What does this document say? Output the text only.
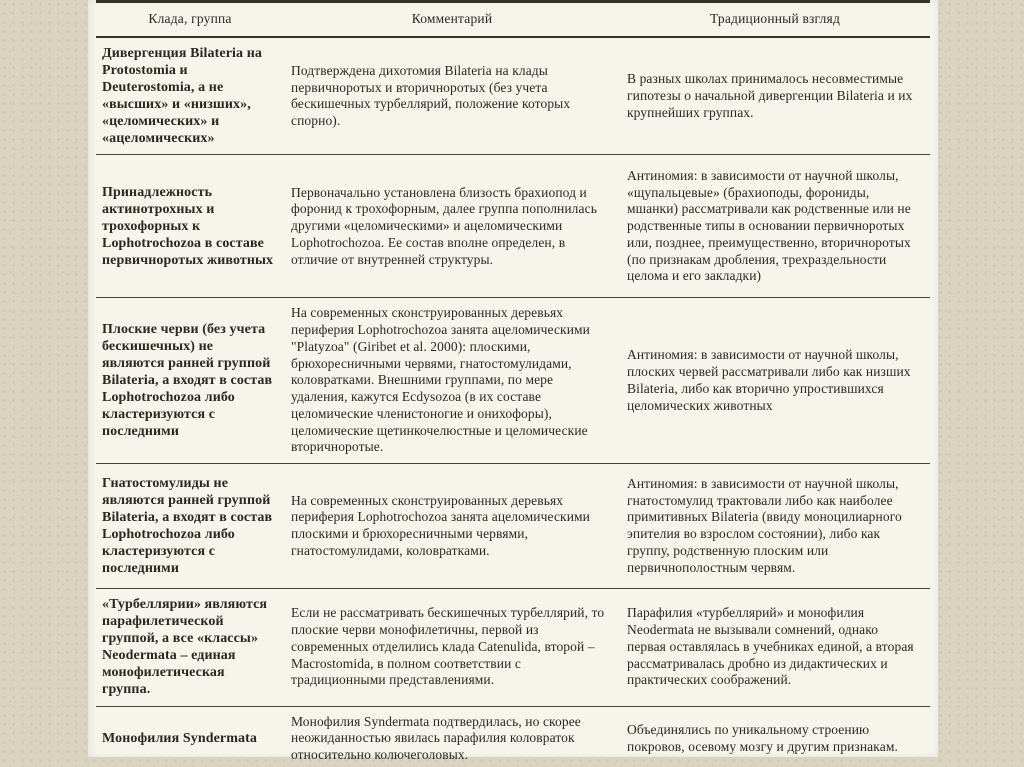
Клада, группа	Комментарий	Традиционный взгляд
Дивергенция Bilateria на Protostomia и Deuterostomia, а не «высших» и «низших», «целомических» и «ацеломических»	Подтверждена дихотомия Bilateria на клады первичноротых и вторичноротых (без учета бескишечных турбеллярий, положение которых спорно).	В разных школах принималось несовместимые гипотезы о начальной дивергенции Bilateria и их крупнейших группах.
Принадлежность актинотрохных и трохофорных к Lophotrochozoa в составе первичноротых животных	Первоначально установлена близость брахиопод и форонид к трохофорным, далее группа пополнилась другими «целомическими» и ацеломическими Lophotrochozoa. Ее состав вполне определен, в отличие от внутренней структуры.	Антиномия: в зависимости от научной школы, «щупальцевые» (брахиоподы, форониды, мшанки) рассматривали как родственные или не родственные типы в основании первичноротых или, позднее, преимущественно, вторичноротых (по признакам дробления, трехраздельности целома и его закладки)
Плоские черви (без учета бескишечных) не являются ранней группой Bilateria, а входят в состав Lophotrochozoa либо кластеризуются с последними	На современных сконструированных деревьях периферия Lophotrochozoa занята ацеломическими "Platyzoa" (Giribet et al. 2000): плоскими, брюхоресничными червями, гнатостомулидами, коловратками. Внешними группами, по мере удаления, кажутся Ecdysozoa (в их составе целомические членистоногие и онихофоры), целомические щетинкочелюстные и целомические вторичноротые.	Антиномия: в зависимости от научной школы, плоских червей рассматривали либо как низших Bilateria, либо как вторично упростившихся целомических животных
Гнатостомулиды не являются ранней группой Bilateria, а входят в состав Lophotrochozoa либо кластеризуются с последними	На современных сконструированных деревьях периферия Lophotrochozoa занята ацеломическими плоскими и брюхоресничными червями, гнатостомулидами, коловратками.	Антиномия: в зависимости от научной школы, гнатостомулид трактовали либо как наиболее примитивных Bilateria (ввиду моноцилиарного эпителия во взрослом состоянии), либо как группу, родственную плоским или первичнополостным червям.
«Турбеллярии» являются парафилетической группой, а все «классы» Neodermata – единая монофилетическая группа.	Если не рассматривать бескишечных турбеллярий, то плоские черви монофилетичны, первой из современных отделились клада Catenulida, второй – Macrostomida, в полном соответствии с традиционными представлениями.	Парафилия «турбеллярий» и монофилия Neodermata не вызывали сомнений, однако первая оставлялась в учебниках единой, а вторая рассматривалась дробно из дидактических и практических соображений.
Монофилия Syndermata	Монофилия Syndermata подтвердилась, но скорее неожиданностью явилась парафилия коловраток относительно колючеголовых.	Объединялись по уникальному строению покровов, осевому мозгу и другим признакам.
